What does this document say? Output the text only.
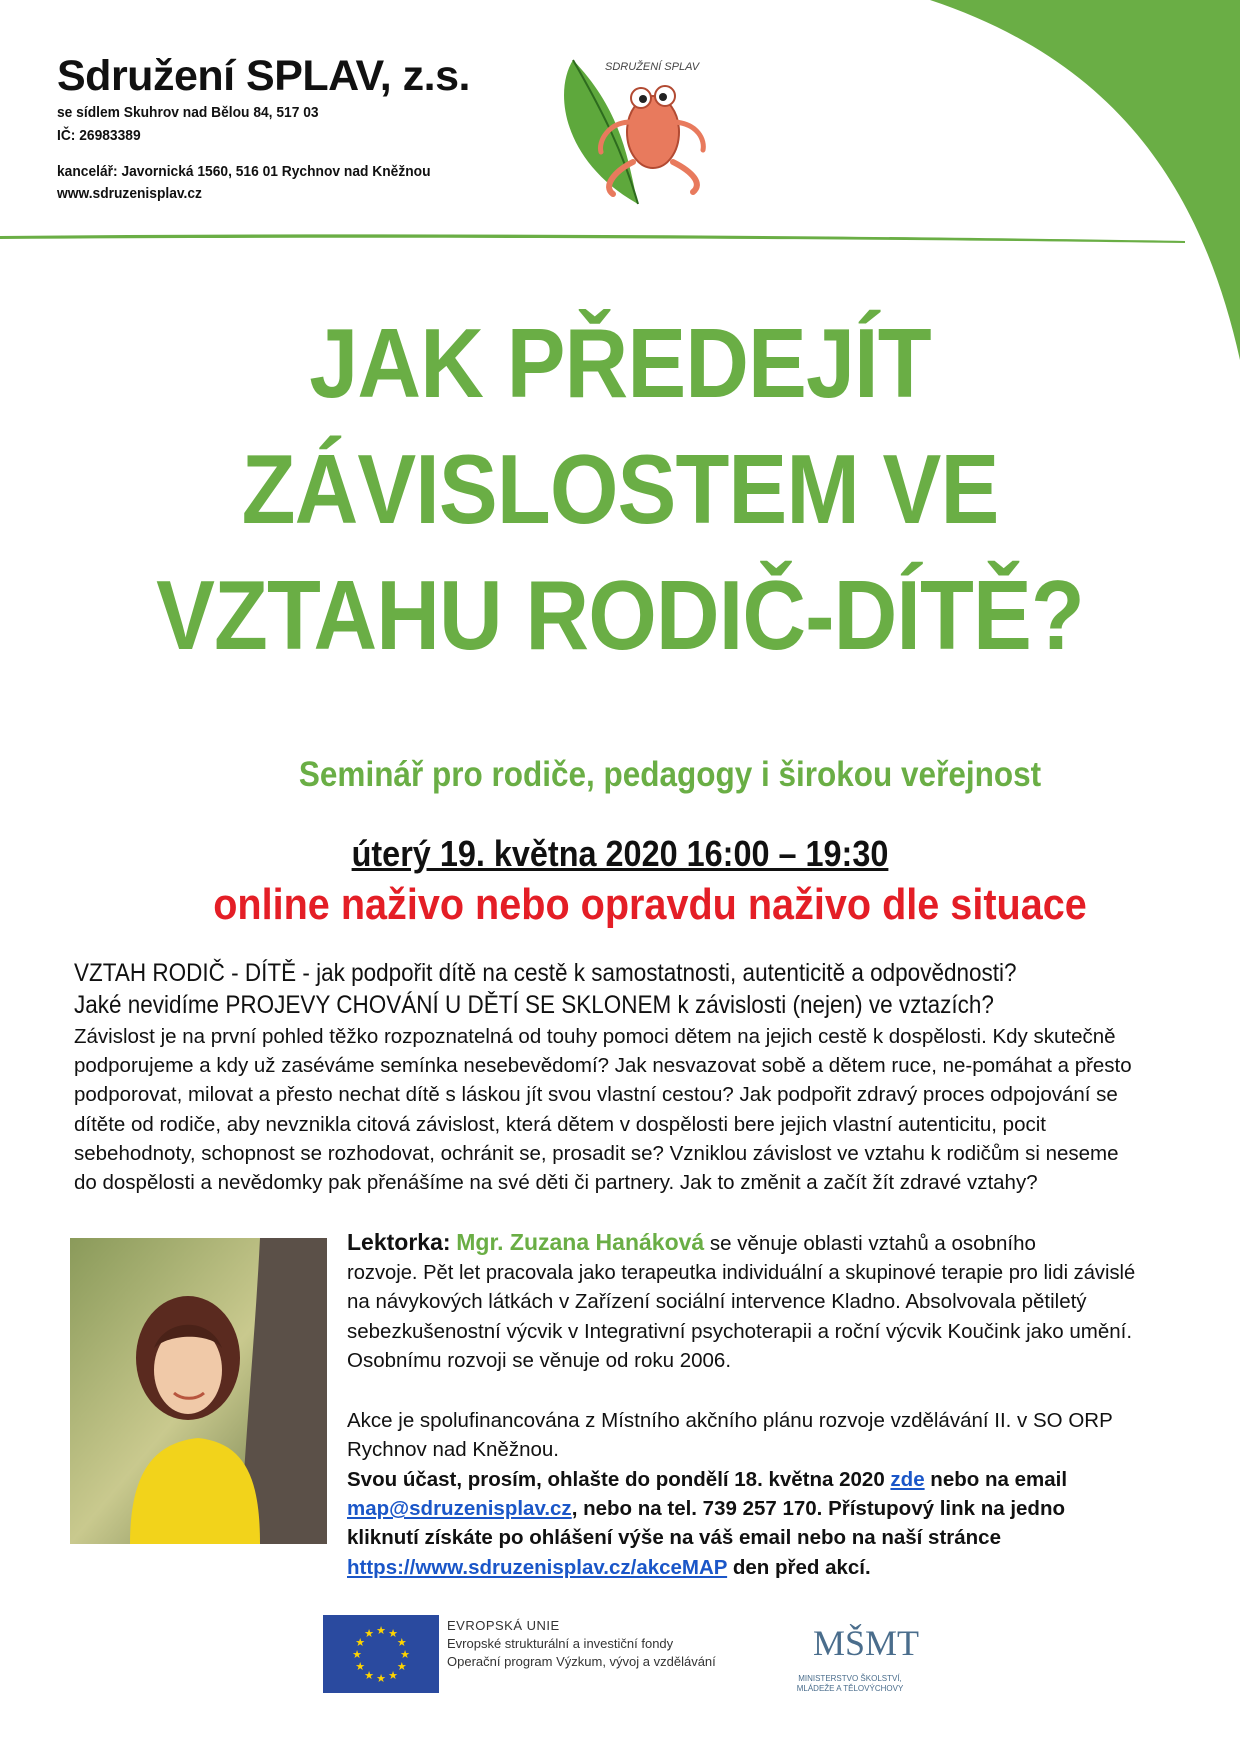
Sdružení SPLAV, z.s.
se sídlem Skuhrov nad Bělou 84, 517 03
IČ: 26983389
kancelář: Javornická 1560, 516 01 Rychnov nad Kněžnou
www.sdruzenisplav.cz
SDRUŽENÍ SPLAV
JAK PŘEDEJÍT
ZÁVISLOSTEM VE
VZTAHU RODIČ-DÍTĚ?
Seminář pro rodiče, pedagogy i širokou veřejnost
úterý 19. května 2020 16:00 – 19:30
online naživo nebo opravdu naživo dle situace
VZTAH RODIČ - DÍTĚ - jak podpořit dítě na cestě k samostatnosti, autenticitě a odpovědnosti?
Jaké nevidíme PROJEVY CHOVÁNÍ U DĚTÍ SE SKLONEM k závislosti (nejen) ve vztazích?
Závislost je na první pohled těžko rozpoznatelná od touhy pomoci dětem na jejich cestě k dospělosti. Kdy skutečně
podporujeme a kdy už zaséváme semínka nesebevědomí? Jak nesvazovat sobě a dětem ruce, ne-pomáhat a přesto
podporovat, milovat a přesto nechat dítě s láskou jít svou vlastní cestou? Jak podpořit zdravý proces odpojování se
dítěte od rodiče, aby nevznikla citová závislost, která dětem v dospělosti bere jejich vlastní autenticitu, pocit
sebehodnoty, schopnost se rozhodovat, ochránit se, prosadit se? Vzniklou závislost ve vztahu k rodičům si neseme
do dospělosti a nevědomky pak přenášíme na své děti či partnery. Jak to změnit a začít žít zdravé vztahy?
Lektorka: Mgr. Zuzana Hanáková se věnuje oblasti vztahů a osobního
rozvoje. Pět let pracovala jako terapeutka individuální a skupinové terapie pro lidi závislé
na návykových látkách v Zařízení sociální intervence Kladno. Absolvovala pětiletý
sebezkušenostní výcvik v Integrativní psychoterapii a roční výcvik Koučink jako umění.
Osobnímu rozvoji se věnuje od roku 2006.
Akce je spolufinancována z Místního akčního plánu rozvoje vzdělávání II. v SO ORP
Rychnov nad Kněžnou.
Svou účast, prosím, ohlašte do pondělí 18. května 2020 zde nebo na email
map@sdruzenisplav.cz, nebo na tel. 739 257 170. Přístupový link na jedno
kliknutí získáte po ohlášení výše na váš email nebo na naší stránce
https://www.sdruzenisplav.cz/akceMAP den před akcí.
★ ★
★
★
★
★
★
★
★
★
★
★
EVROPSKÁ UNIE
Evropské strukturální a investiční fondy
Operační program Výzkum, vývoj a vzdělávání	MŠMT
MINISTERSTVO ŠKOLSTVÍ,
MLÁDEŽE A TĚLOVÝCHOVY
